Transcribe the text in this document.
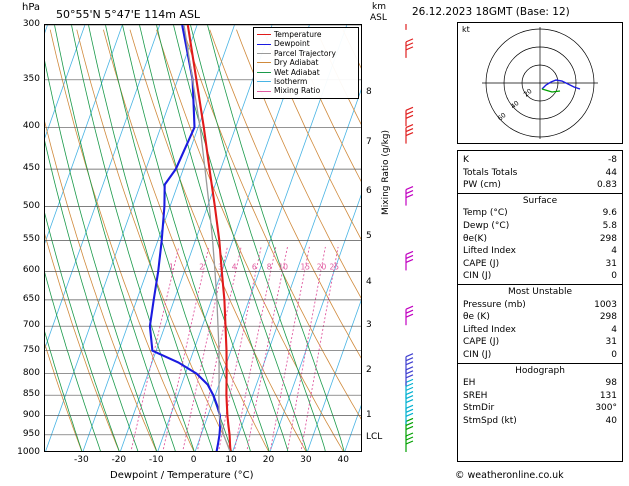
hPa
50°55'N 5°47'E 114m ASL
km
ASL
1	2 3 4 6 8 10 15 20 25
300
350
400
450
500
550
600
650
700
750
800
850
900
950
1000
-30	-20	-10	0	10	20	30	40
1
2
3
4
5
6
7
8
LCL
Mixing Ratio (g/kg)
Dewpoint / Temperature (°C)
Temperature
Dewpoint
Parcel Trajectory
Dry Adiabat
Wet Adiabat
Isotherm
Mixing Ratio
26.12.2023 18GMT (Base: 12)
kt
20
40
60
K	-8
Totals Totals	44
PW (cm)	0.83
Surface
Temp (°C)	9.6
Dewp (°C)	5.8
θe(K)	298
Lifted Index	4
CAPE (J)	31
CIN (J)	0
Most Unstable
Pressure (mb)	1003
θe (K)	298
Lifted Index	4
CAPE (J)	31
CIN (J)	0
Hodograph
EH	98
SREH	131
StmDir	300°
StmSpd (kt)	40
© weatheronline.co.uk
